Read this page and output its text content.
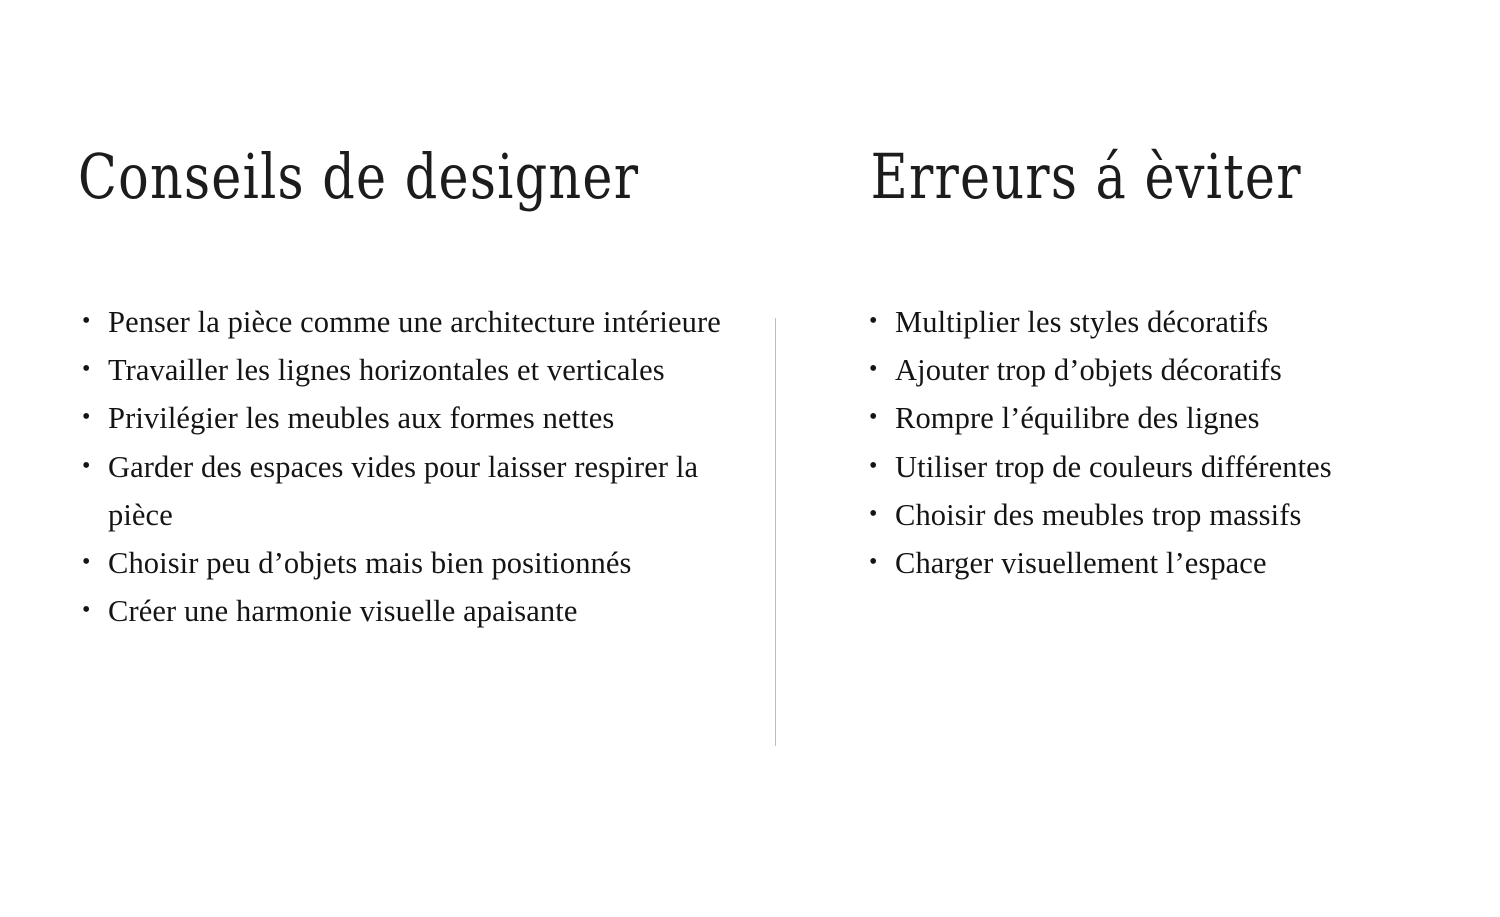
Conseils de designer
• Penser la pièce comme une architecture intérieure
• Travailler les lignes horizontales et verticales
• Privilégier les meubles aux formes nettes
• Garder des espaces vides pour laisser respirer la pièce
• Choisir peu d’objets mais bien positionnés
• Créer une harmonie visuelle apaisante
Erreurs á èviter
• Multiplier les styles décoratifs
• Ajouter trop d’objets décoratifs
• Rompre l’équilibre des lignes
• Utiliser trop de couleurs différentes
• Choisir des meubles trop massifs
• Charger visuellement l’espace
